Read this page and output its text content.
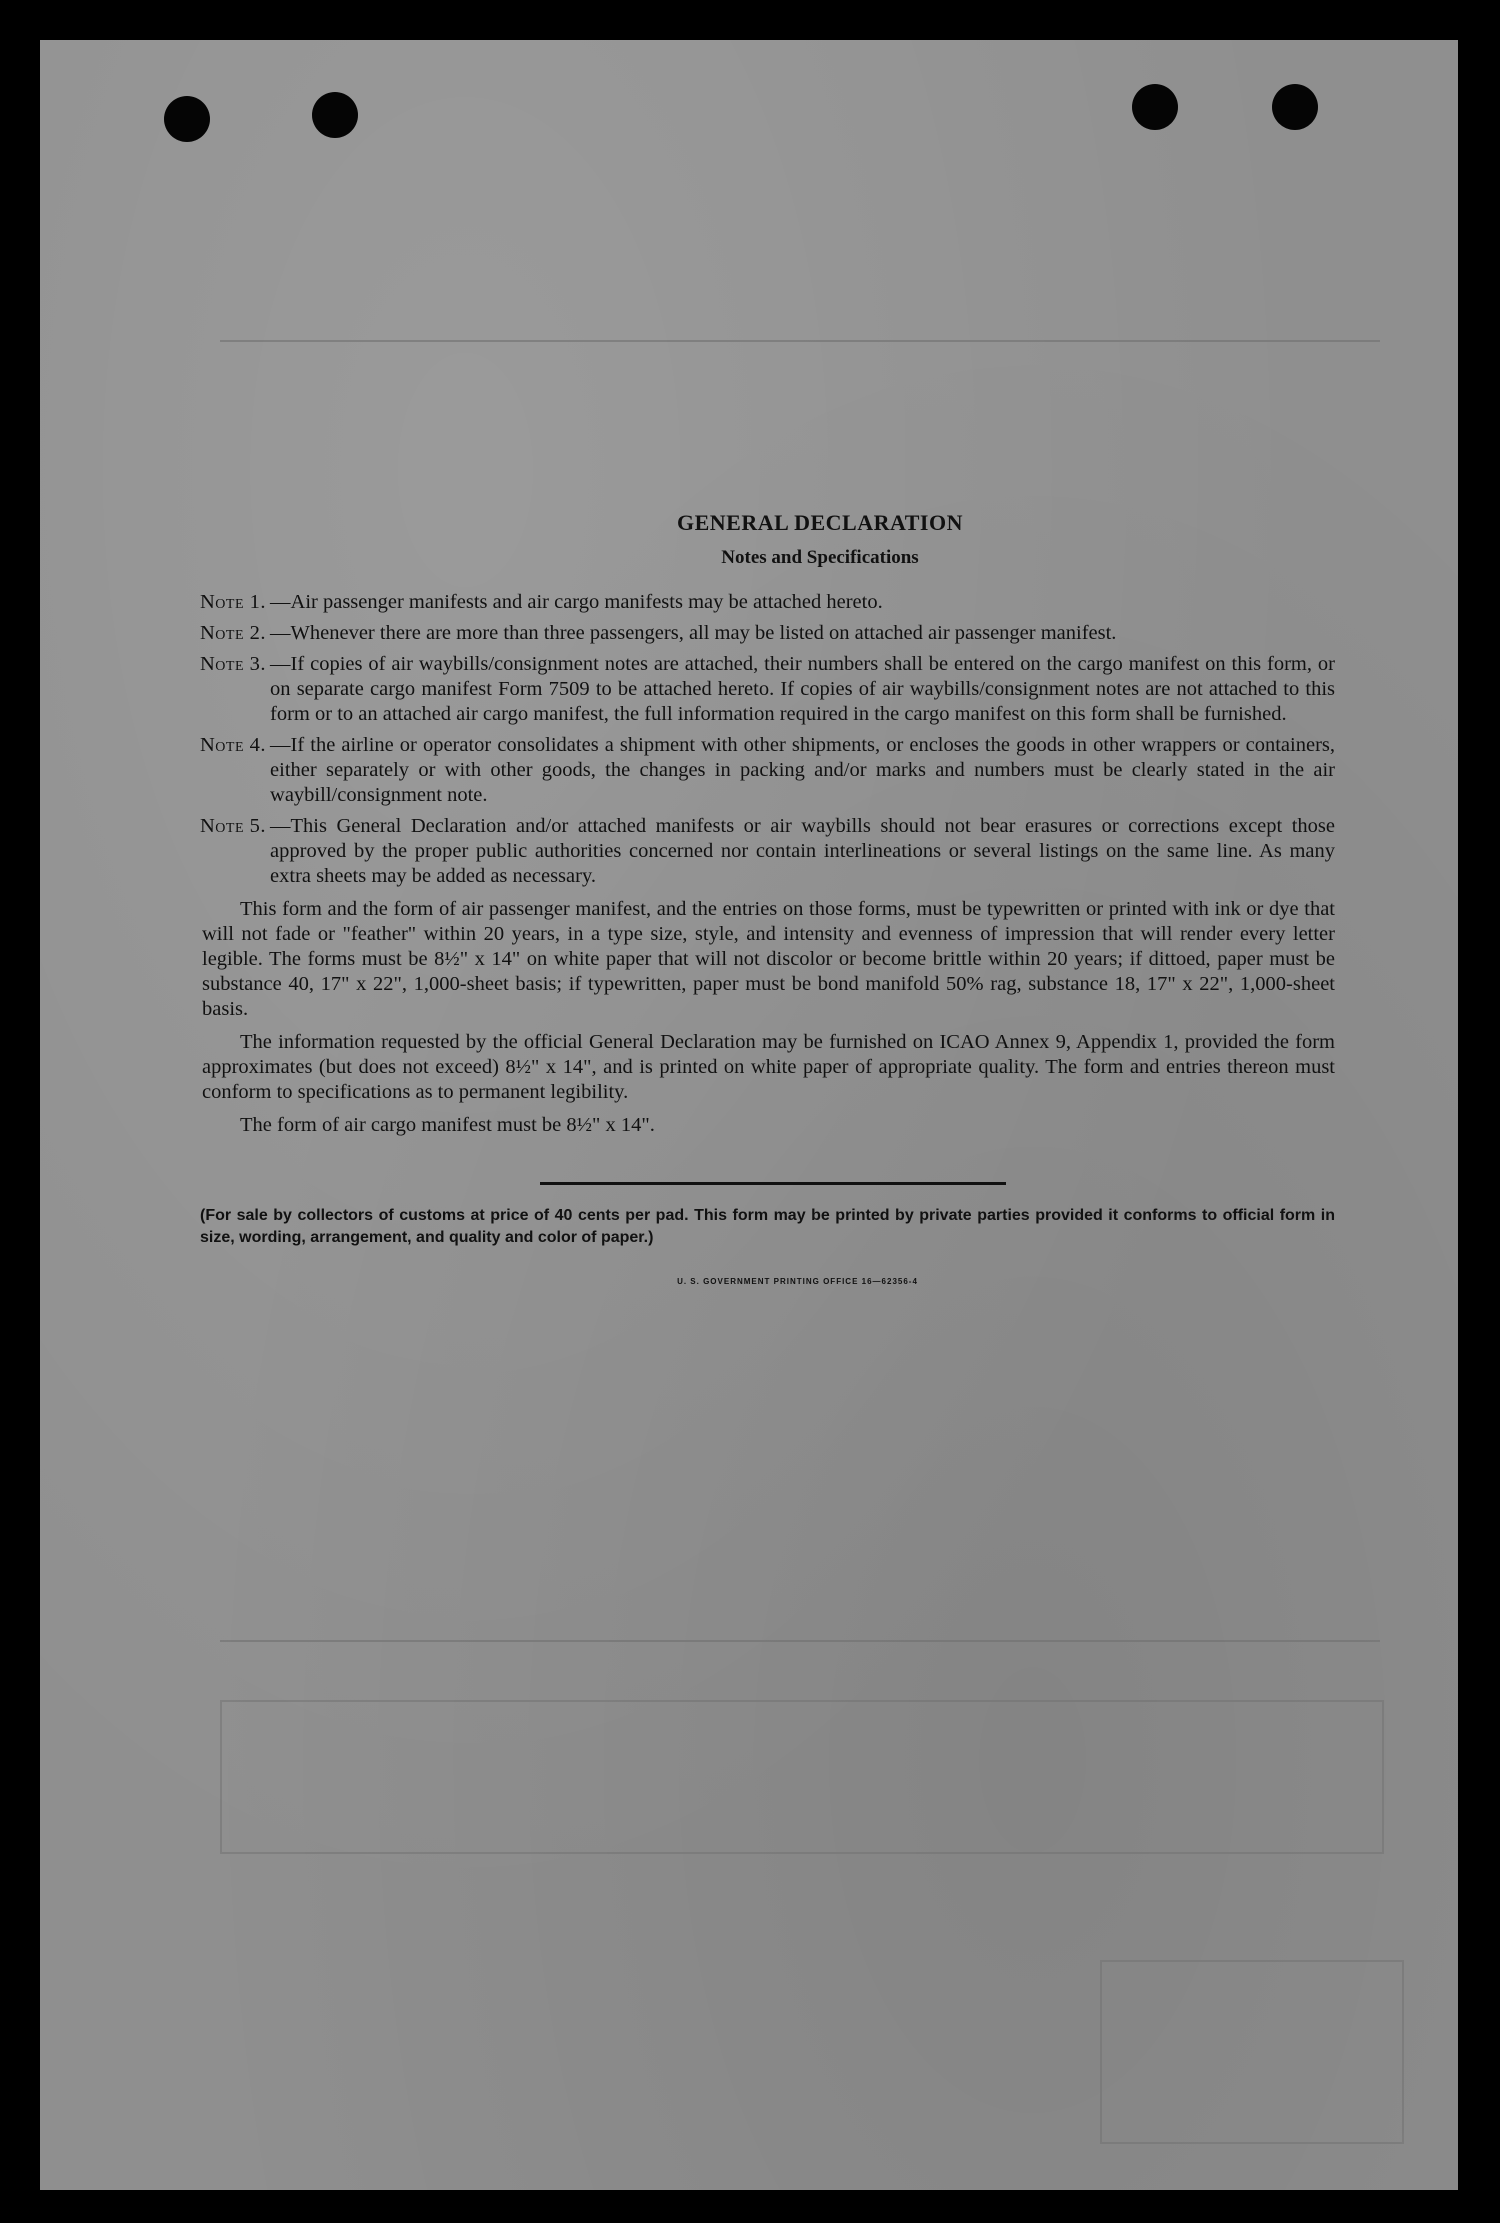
GENERAL DECLARATION
Notes and Specifications
Note 1. —Air passenger manifests and air cargo manifests may be attached hereto.
Note 2. —Whenever there are more than three passengers, all may be listed on attached air passenger manifest.
Note 3. —If copies of air waybills/consignment notes are attached, their numbers shall be entered on the cargo manifest on this form, or on separate cargo manifest Form 7509 to be attached hereto. If copies of air waybills/consignment notes are not attached to this form or to an attached air cargo manifest, the full information required in the cargo manifest on this form shall be furnished.
Note 4. —If the airline or operator consolidates a shipment with other shipments, or encloses the goods in other wrappers or containers, either separately or with other goods, the changes in packing and/or marks and numbers must be clearly stated in the air waybill/consignment note.
Note 5. —This General Declaration and/or attached manifests or air waybills should not bear erasures or corrections except those approved by the proper public authorities concerned nor contain interlineations or several listings on the same line. As many extra sheets may be added as necessary.
This form and the form of air passenger manifest, and the entries on those forms, must be typewritten or printed with ink or dye that will not fade or "feather" within 20 years, in a type size, style, and intensity and evenness of impression that will render every letter legible. The forms must be 8½" x 14" on white paper that will not discolor or become brittle within 20 years; if dittoed, paper must be substance 40, 17" x 22", 1,000-sheet basis; if typewritten, paper must be bond manifold 50% rag, substance 18, 17" x 22", 1,000-sheet basis.
The information requested by the official General Declaration may be furnished on ICAO Annex 9, Appendix 1, provided the form approximates (but does not exceed) 8½" x 14", and is printed on white paper of appropriate quality. The form and entries thereon must conform to specifications as to permanent legibility.
The form of air cargo manifest must be 8½" x 14".
(For sale by collectors of customs at price of 40 cents per pad. This form may be printed by private parties provided it conforms to official form in size, wording, arrangement, and quality and color of paper.)
U. S. GOVERNMENT PRINTING OFFICE 16—62356-4
